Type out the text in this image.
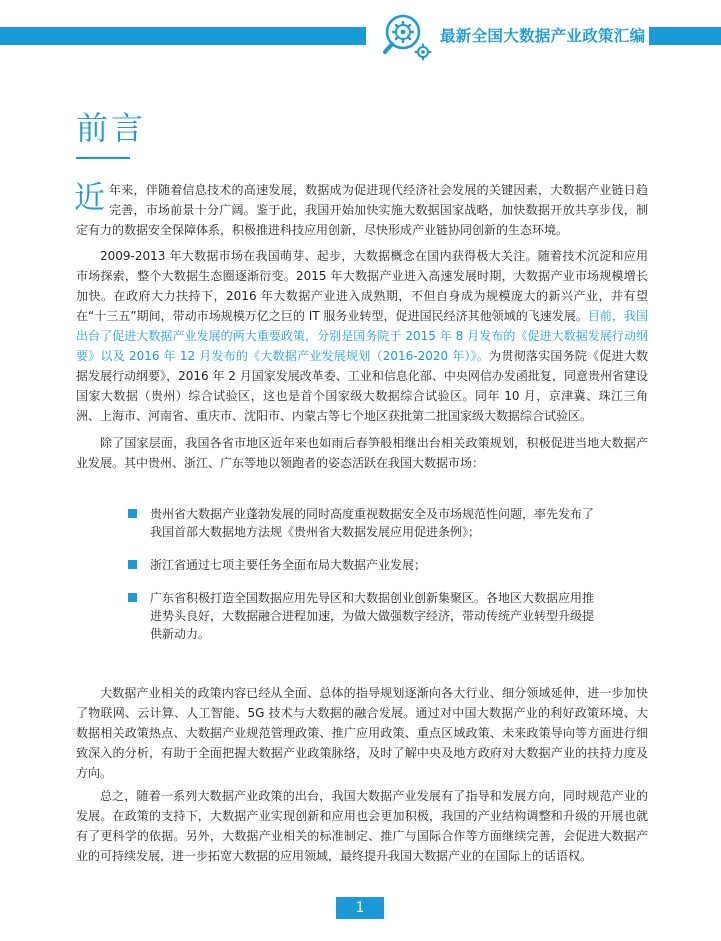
最新全国大数据产业政策汇编
前言

近年来，伴随着信息技术的高速发展，数据成为促进现代经济社会发展的关键因素，大数据产业链日趋完善，市场前景十分广阔。鉴于此，我国开始加快实施大数据国家战略，加快数据开放共享步伐，制定有力的数据安全保障体系，积极推进科技应用创新，尽快形成产业链协同创新的生态环境。

2009-2013 年大数据市场在我国萌芽、起步，大数据概念在国内获得极大关注。随着技术沉淀和应用市场探索，整个大数据生态圈逐渐衍变。2015 年大数据产业进入高速发展时期，大数据产业市场规模增长加快。在政府大力扶持下，2016 年大数据产业进入成熟期，不但自身成为规模庞大的新兴产业，并有望在“十三五”期间，带动市场规模万亿之巨的 IT 服务业转型，促进国民经济其他领域的飞速发展。目前，我国出台了促进大数据产业发展的两大重要政策，分别是国务院于 2015 年 8 月发布的《促进大数据发展行动纲要》以及 2016 年 12 月发布的《大数据产业发展规划（2016-2020 年）》。为贯彻落实国务院《促进大数据发展行动纲要》，2016 年 2 月国家发展改革委、工业和信息化部、中央网信办发函批复，同意贵州省建设国家大数据（贵州）综合试验区，这也是首个国家级大数据综合试验区。同年 10 月，京津冀、珠江三角洲、上海市、河南省、重庆市、沈阳市、内蒙古等七个地区获批第二批国家级大数据综合试验区。

除了国家层面，我国各省市地区近年来也如雨后春笋般相继出台相关政策规划，积极促进当地大数据产业发展。其中贵州、浙江、广东等地以领跑者的姿态活跃在我国大数据市场：

贵州省大数据产业蓬勃发展的同时高度重视数据安全及市场规范性问题，率先发布了我国首部大数据地方法规《贵州省大数据发展应用促进条例》；
浙江省通过七项主要任务全面布局大数据产业发展；
广东省积极打造全国数据应用先导区和大数据创业创新集聚区。各地区大数据应用推进势头良好，大数据融合进程加速，为做大做强数字经济，带动传统产业转型升级提供新动力。

大数据产业相关的政策内容已经从全面、总体的指导规划逐渐向各大行业、细分领域延伸，进一步加快了物联网、云计算、人工智能、5G 技术与大数据的融合发展。通过对中国大数据产业的利好政策环境、大数据相关政策热点、大数据产业规范管理政策、推广应用政策、重点区域政策、未来政策导向等方面进行细致深入的分析，有助于全面把握大数据产业政策脉络，及时了解中央及地方政府对大数据产业的扶持力度及方向。

总之，随着一系列大数据产业政策的出台，我国大数据产业发展有了指导和发展方向，同时规范产业的发展。在政策的支持下，大数据产业实现创新和应用也会更加积极，我国的产业结构调整和升级的开展也就有了更科学的依据。另外，大数据产业相关的标准制定、推广与国际合作等方面继续完善，会促进大数据产业的可持续发展，进一步拓宽大数据的应用领域，最终提升我国大数据产业的在国际上的话语权。

1
